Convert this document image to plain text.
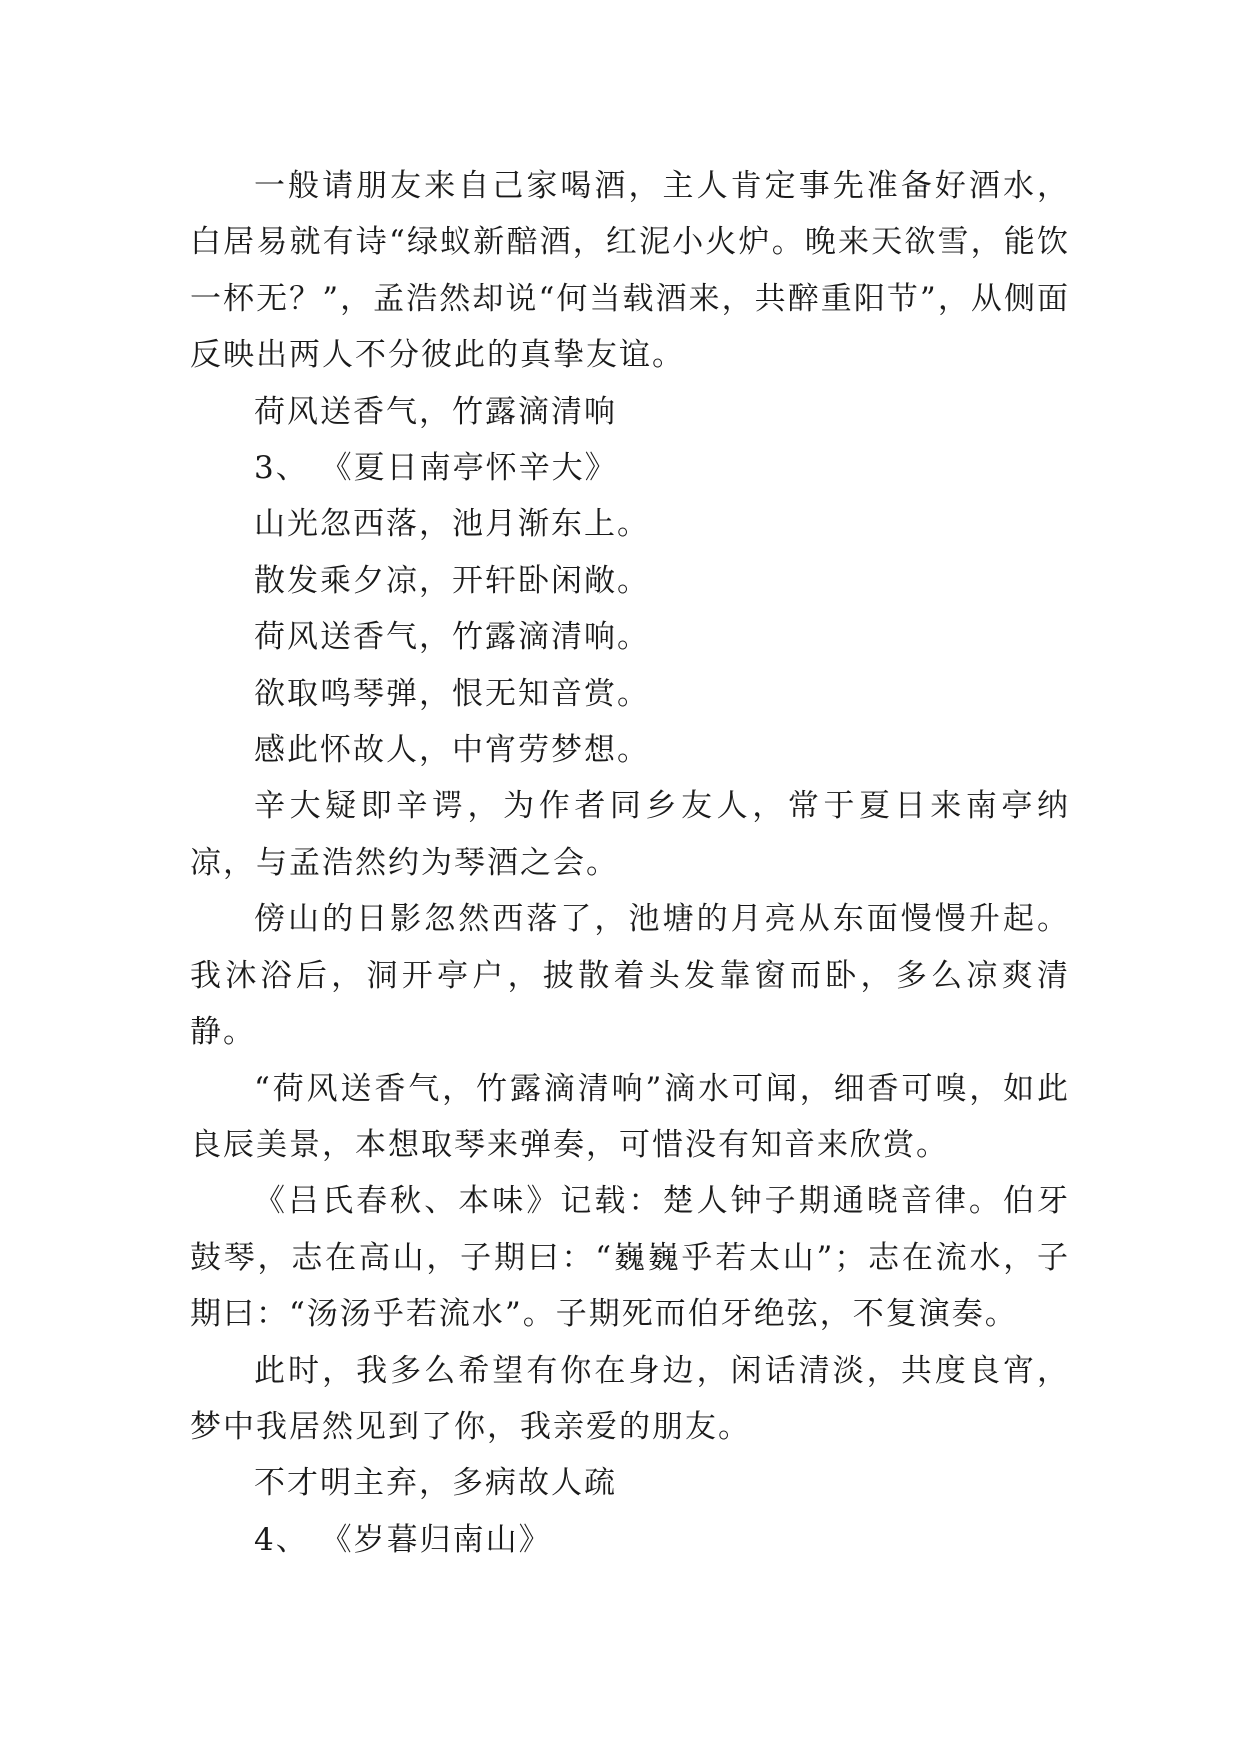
一般请朋友来自己家喝酒，主人肯定事先准备好酒水，白居易就有诗“绿蚁新醅酒，红泥小火炉。晚来天欲雪，能饮一杯无？”，孟浩然却说“何当载酒来，共醉重阳节”，从侧面反映出两人不分彼此的真挚友谊。

荷风送香气，竹露滴清响

3、 《夏日南亭怀辛大》

山光忽西落，池月渐东上。

散发乘夕凉，开轩卧闲敞。

荷风送香气，竹露滴清响。

欲取鸣琴弹，恨无知音赏。

感此怀故人，中宵劳梦想。

辛大疑即辛谔，为作者同乡友人，常于夏日来南亭纳凉，与孟浩然约为琴酒之会。

傍山的日影忽然西落了，池塘的月亮从东面慢慢升起。我沐浴后，洞开亭户，披散着头发靠窗而卧，多么凉爽清静。

“荷风送香气，竹露滴清响”滴水可闻，细香可嗅，如此良辰美景，本想取琴来弹奏，可惜没有知音来欣赏。

《吕氏春秋、本味》记载：楚人钟子期通晓音律。伯牙鼓琴，志在高山，子期曰：“巍巍乎若太山”；志在流水，子期曰：“汤汤乎若流水”。子期死而伯牙绝弦，不复演奏。

此时，我多么希望有你在身边，闲话清淡，共度良宵，梦中我居然见到了你，我亲爱的朋友。

不才明主弃，多病故人疏

4、 《岁暮归南山》
